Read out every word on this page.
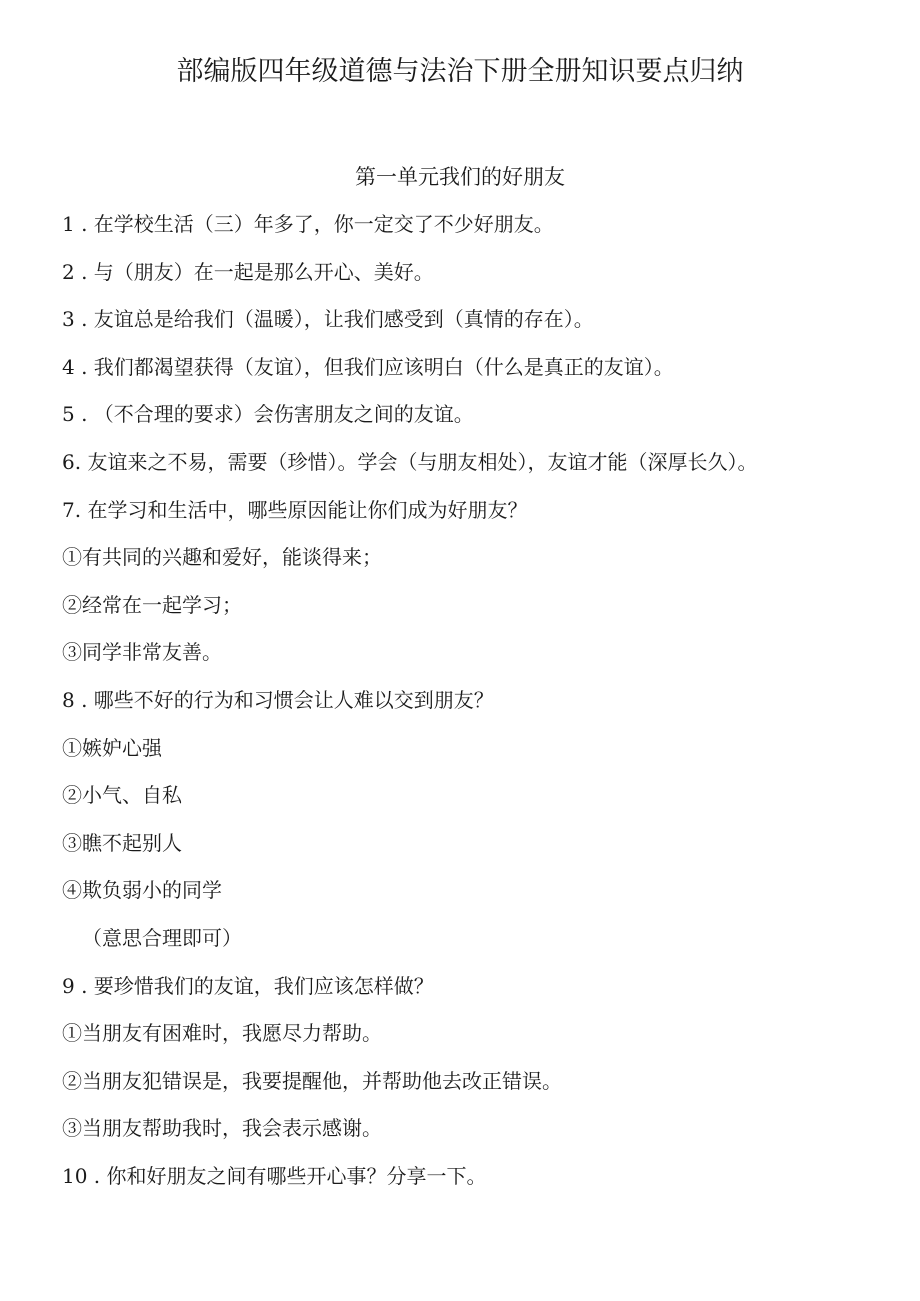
部编版四年级道德与法治下册全册知识要点归纳
第一单元我们的好朋友
1 . 在学校生活（三）年多了，你一定交了不少好朋友。
2 . 与（朋友）在一起是那么开心、美好。
3 . 友谊总是给我们（温暖），让我们感受到（真情的存在）。
4 . 我们都渴望获得（友谊），但我们应该明白（什么是真正的友谊）。
5 . （不合理的要求）会伤害朋友之间的友谊。
6. 友谊来之不易，需要（珍惜）。学会（与朋友相处），友谊才能（深厚长久）。
7. 在学习和生活中，哪些原因能让你们成为好朋友？
①有共同的兴趣和爱好，能谈得来；
②经常在一起学习；
③同学非常友善。
8 . 哪些不好的行为和习惯会让人难以交到朋友？
①嫉妒心强
②小气、自私
③瞧不起别人
④欺负弱小的同学
（意思合理即可）
9 . 要珍惜我们的友谊，我们应该怎样做？
①当朋友有困难时，我愿尽力帮助。
②当朋友犯错误是，我要提醒他，并帮助他去改正错误。
③当朋友帮助我时，我会表示感谢。
10 . 你和好朋友之间有哪些开心事？分享一下。
